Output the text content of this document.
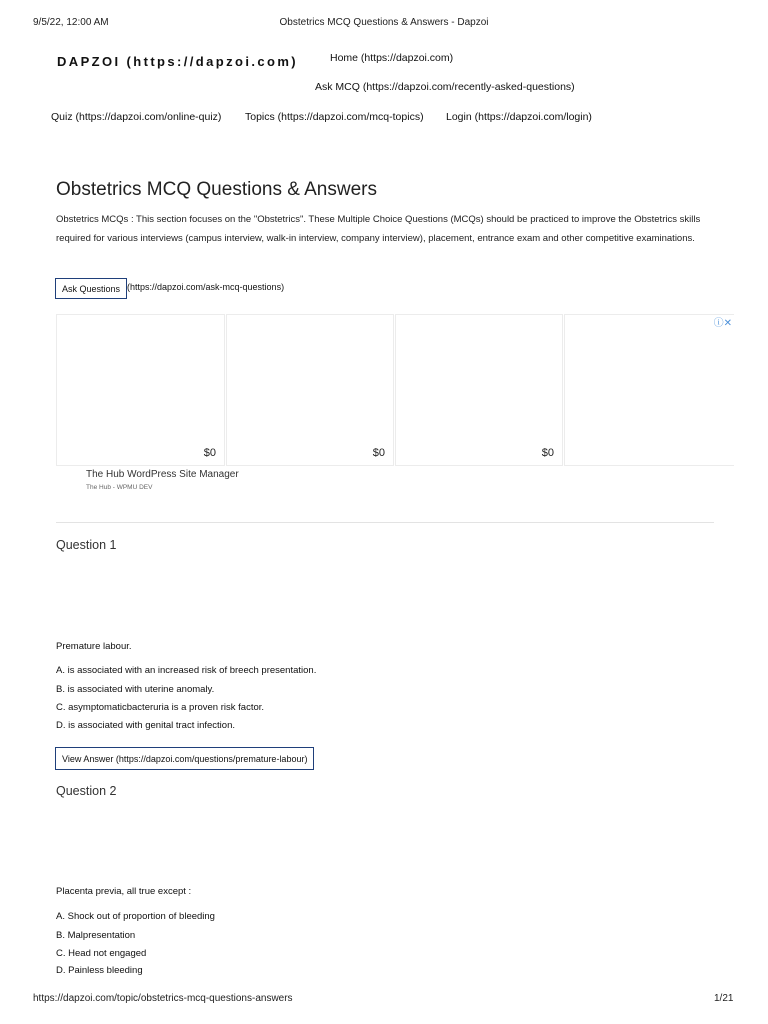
9/5/22, 12:00 AM	Obstetrics MCQ Questions & Answers - Dapzoi
DAPZOI (https://dapzoi.com)	Home (https://dapzoi.com)
Ask MCQ (https://dapzoi.com/recently-asked-questions)
Quiz (https://dapzoi.com/online-quiz) Topics (https://dapzoi.com/mcq-topics) Login (https://dapzoi.com/login)
Obstetrics MCQ Questions & Answers
Obstetrics MCQs : This section focuses on the "Obstetrics". These Multiple Choice Questions (MCQs) should be practiced to improve the Obstetrics skills required for various interviews (campus interview, walk-in interview, company interview), placement, entrance exam and other competitive examinations.
Ask Questions (https://dapzoi.com/ask-mcq-questions)
$0	$0	$0
ⓘ✕
The Hub WordPress Site Manager
The Hub - WPMU DEV
Question 1
Premature labour.
A. is associated with an increased risk of breech presentation.
B. is associated with uterine anomaly.
C. asymptomaticbacteruria is a proven risk factor.
D. is associated with genital tract infection.
View Answer (https://dapzoi.com/questions/premature-labour)
Question 2
Placenta previa, all true except :
A. Shock out of proportion of bleeding
B. Malpresentation
C. Head not engaged
D. Painless bleeding
https://dapzoi.com/topic/obstetrics-mcq-questions-answers	1/21
